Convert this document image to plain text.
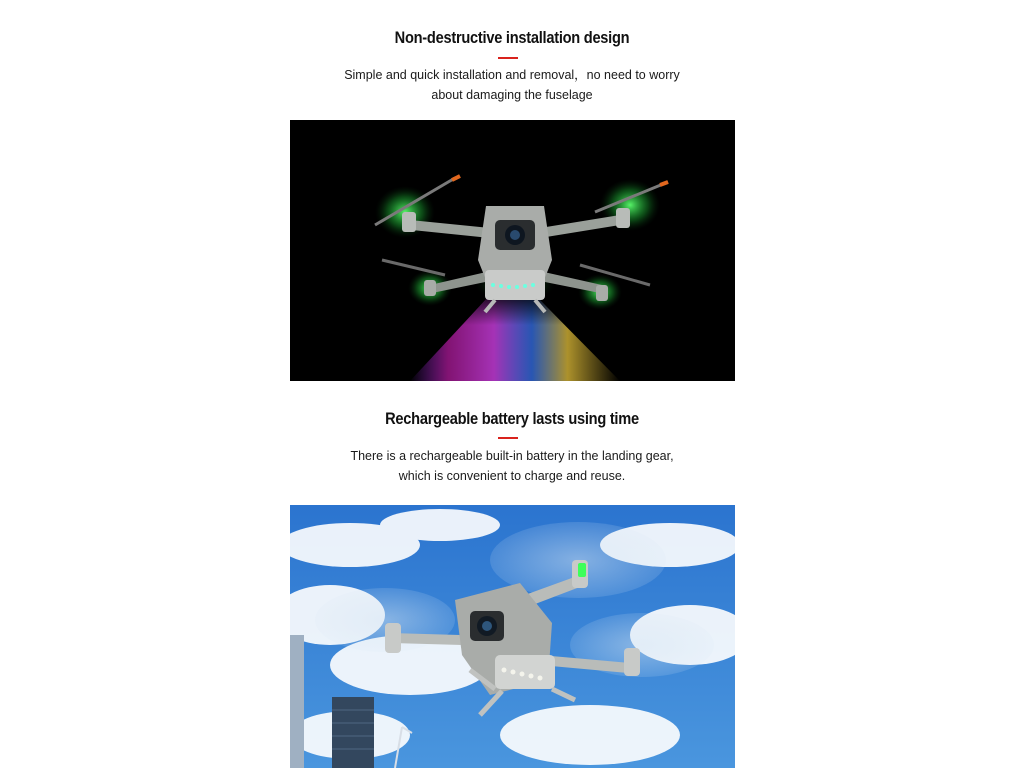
Non-destructive installation design

Simple and quick installation and removal，no need to worry
about damaging the fuselage

Rechargeable battery lasts using time

There is a rechargeable built-in battery in the landing gear,
which is convenient to charge and reuse.
